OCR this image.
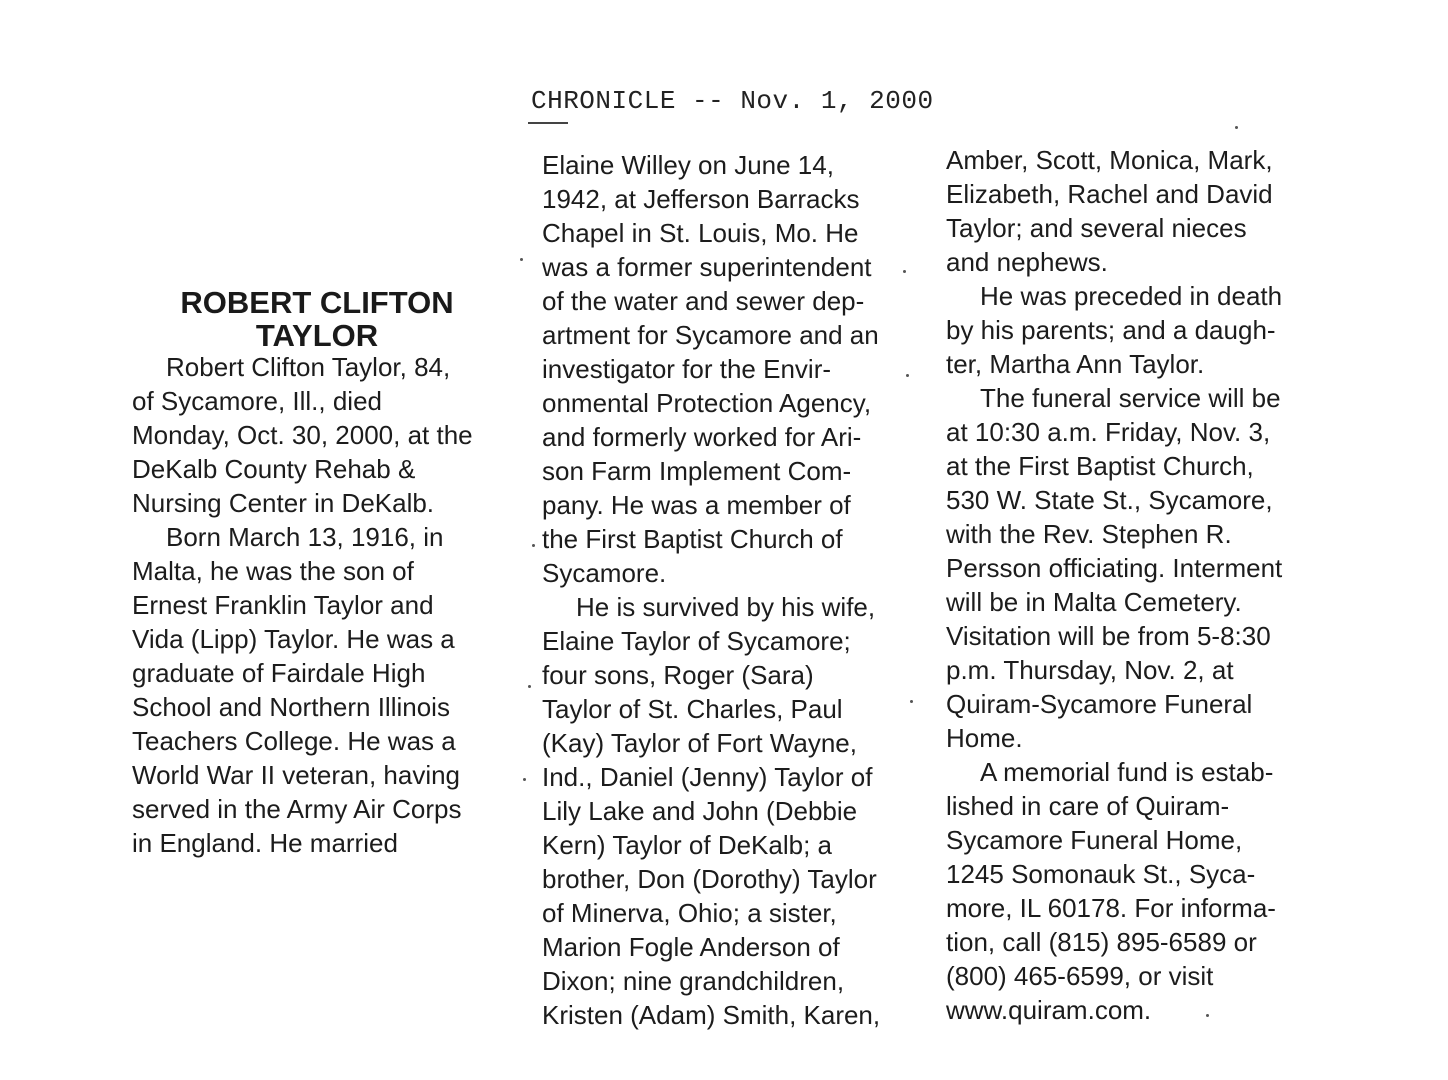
CHRONICLE -- Nov. 1, 2000
ROBERT CLIFTON
TAYLOR
Robert Clifton Taylor, 84,
of Sycamore, Ill., died
Monday, Oct. 30, 2000, at the
DeKalb County Rehab &
Nursing Center in DeKalb.
Born March 13, 1916, in
Malta, he was the son of
Ernest Franklin Taylor and
Vida (Lipp) Taylor. He was a
graduate of Fairdale High
School and Northern Illinois
Teachers College. He was a
World War II veteran, having
served in the Army Air Corps
in England. He married
Elaine Willey on June 14,
1942, at Jefferson Barracks
Chapel in St. Louis, Mo. He
was a former superintendent
of the water and sewer dep-
artment for Sycamore and an
investigator for the Envir-
onmental Protection Agency,
and formerly worked for Ari-
son Farm Implement Com-
pany. He was a member of
the First Baptist Church of
Sycamore.
He is survived by his wife,
Elaine Taylor of Sycamore;
four sons, Roger (Sara)
Taylor of St. Charles, Paul
(Kay) Taylor of Fort Wayne,
Ind., Daniel (Jenny) Taylor of
Lily Lake and John (Debbie
Kern) Taylor of DeKalb; a
brother, Don (Dorothy) Taylor
of Minerva, Ohio; a sister,
Marion Fogle Anderson of
Dixon; nine grandchildren,
Kristen (Adam) Smith, Karen,
Amber, Scott, Monica, Mark,
Elizabeth, Rachel and David
Taylor; and several nieces
and nephews.
He was preceded in death
by his parents; and a daugh-
ter, Martha Ann Taylor.
The funeral service will be
at 10:30 a.m. Friday, Nov. 3,
at the First Baptist Church,
530 W. State St., Sycamore,
with the Rev. Stephen R.
Persson officiating. Interment
will be in Malta Cemetery.
Visitation will be from 5-8:30
p.m. Thursday, Nov. 2, at
Quiram-Sycamore Funeral
Home.
A memorial fund is estab-
lished in care of Quiram-
Sycamore Funeral Home,
1245 Somonauk St., Syca-
more, IL 60178. For informa-
tion, call (815) 895-6589 or
(800) 465-6599, or visit
www.quiram.com.
